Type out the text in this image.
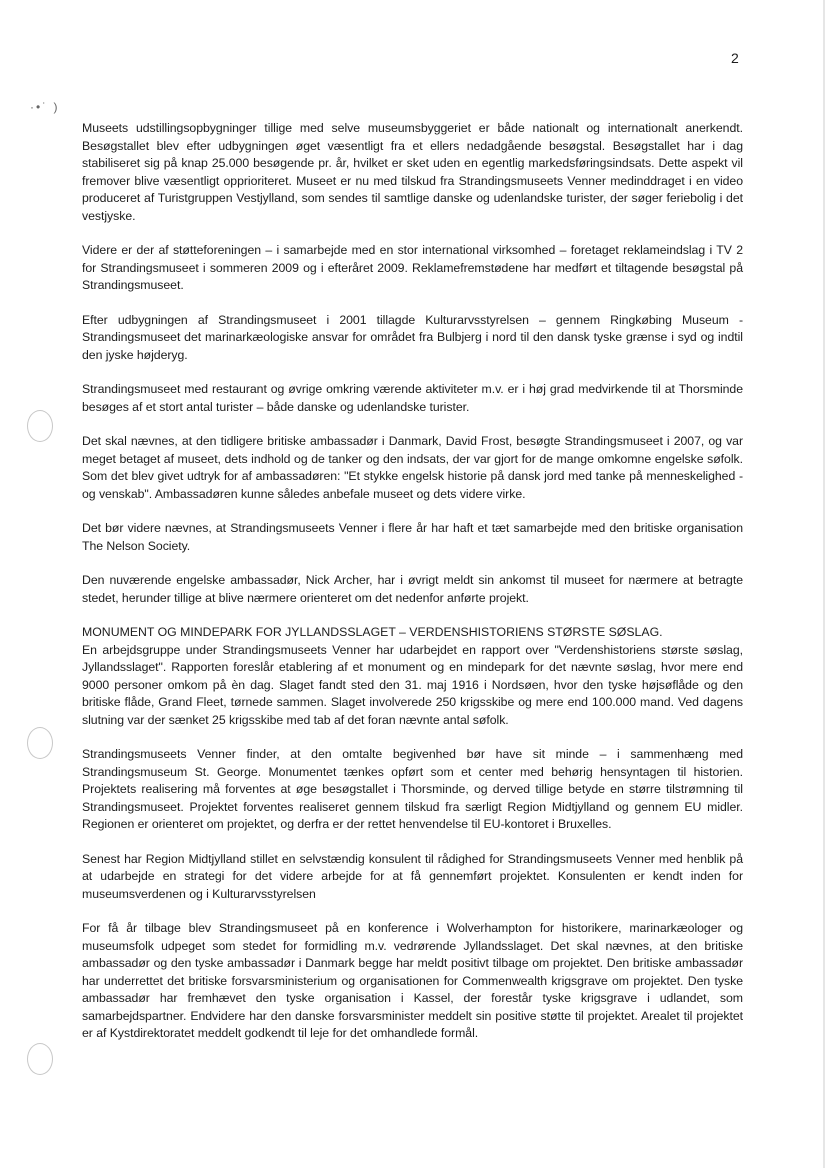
·•˙ )
2

Museets udstillingsopbygninger tillige med selve museumsbyggeriet er både nationalt og internationalt anerkendt. Besøgstallet blev efter udbygningen øget væsentligt fra et ellers nedadgående besøgstal. Besøgstallet har i dag stabiliseret sig på knap 25.000 besøgende pr. år, hvilket er sket uden en egentlig markedsføringsindsats. Dette aspekt vil fremover blive væsentligt opprioriteret. Museet er nu med tilskud fra Strandingsmuseets Venner medinddraget i en video produceret af Turistgruppen Vestjylland, som sendes til samtlige danske og udenlandske turister, der søger feriebolig i det vestjyske.

Videre er der af støtteforeningen – i samarbejde med en stor international virksomhed – foretaget reklameindslag i TV 2 for Strandingsmuseet i sommeren 2009 og i efteråret 2009. Reklamefremstødene har medført et tiltagende besøgstal på Strandingsmuseet.

Efter udbygningen af Strandingsmuseet i 2001 tillagde Kulturarvsstyrelsen – gennem Ringkøbing Museum - Strandingsmuseet det marinarkæologiske ansvar for området fra Bulbjerg i nord til den dansk tyske grænse i syd og indtil den jyske højderyg.

Strandingsmuseet med restaurant og øvrige omkring værende aktiviteter m.v. er i høj grad medvirkende til at Thorsminde besøges af et stort antal turister – både danske og udenlandske turister.

Det skal nævnes, at den tidligere britiske ambassadør i Danmark, David Frost, besøgte Strandingsmuseet i 2007, og var meget betaget af museet, dets indhold og de tanker og den indsats, der var gjort for de mange omkomne engelske søfolk. Som det blev givet udtryk for af ambassadøren: "Et stykke engelsk historie på dansk jord med tanke på menneskelighed - og venskab". Ambassadøren kunne således anbefale museet og dets videre virke.

Det bør videre nævnes, at Strandingsmuseets Venner i flere år har haft et tæt samarbejde med den britiske organisation The Nelson Society.

Den nuværende engelske ambassadør, Nick Archer, har i øvrigt meldt sin ankomst til museet for nærmere at betragte stedet, herunder tillige at blive nærmere orienteret om det nedenfor anførte projekt.

MONUMENT OG MINDEPARK FOR JYLLANDSSLAGET – VERDENSHISTORIENS STØRSTE SØSLAG.

En arbejdsgruppe under Strandingsmuseets Venner har udarbejdet en rapport over "Verdenshistoriens største søslag, Jyllandsslaget". Rapporten foreslår etablering af et monument og en mindepark for det nævnte søslag, hvor mere end 9000 personer omkom på èn dag. Slaget fandt sted den 31. maj 1916 i Nordsøen, hvor den tyske højsøflåde og den britiske flåde, Grand Fleet, tørnede sammen. Slaget involverede 250 krigsskibe og mere end 100.000 mand. Ved dagens slutning var der sænket 25 krigsskibe med tab af det foran nævnte antal søfolk.

Strandingsmuseets Venner finder, at den omtalte begivenhed bør have sit minde – i sammenhæng med Strandingsmuseum St. George. Monumentet tænkes opført som et center med behørig hensyntagen til historien. Projektets realisering må forventes at øge besøgstallet i Thorsminde, og derved tillige betyde en større tilstrømning til Strandingsmuseet. Projektet forventes realiseret gennem tilskud fra særligt Region Midtjylland og gennem EU midler. Regionen er orienteret om projektet, og derfra er der rettet henvendelse til EU-kontoret i Bruxelles.

Senest har Region Midtjylland stillet en selvstændig konsulent til rådighed for Strandingsmuseets Venner med henblik på at udarbejde en strategi for det videre arbejde for at få gennemført projektet. Konsulenten er kendt inden for museumsverdenen og i Kulturarvsstyrelsen

For få år tilbage blev Strandingsmuseet på en konference i Wolverhampton for historikere, marinarkæologer og museumsfolk udpeget som stedet for formidling m.v. vedrørende Jyllandsslaget. Det skal nævnes, at den britiske ambassadør og den tyske ambassadør i Danmark begge har meldt positivt tilbage om projektet. Den britiske ambassadør har underrettet det britiske forsvarsministerium og organisationen for Commenwealth krigsgrave om projektet. Den tyske ambassadør har fremhævet den tyske organisation i Kassel, der forestår tyske krigsgrave i udlandet, som samarbejdspartner. Endvidere har den danske forsvarsminister meddelt sin positive støtte til projektet. Arealet til projektet er af Kystdirektoratet meddelt godkendt til leje for det omhandlede formål.
